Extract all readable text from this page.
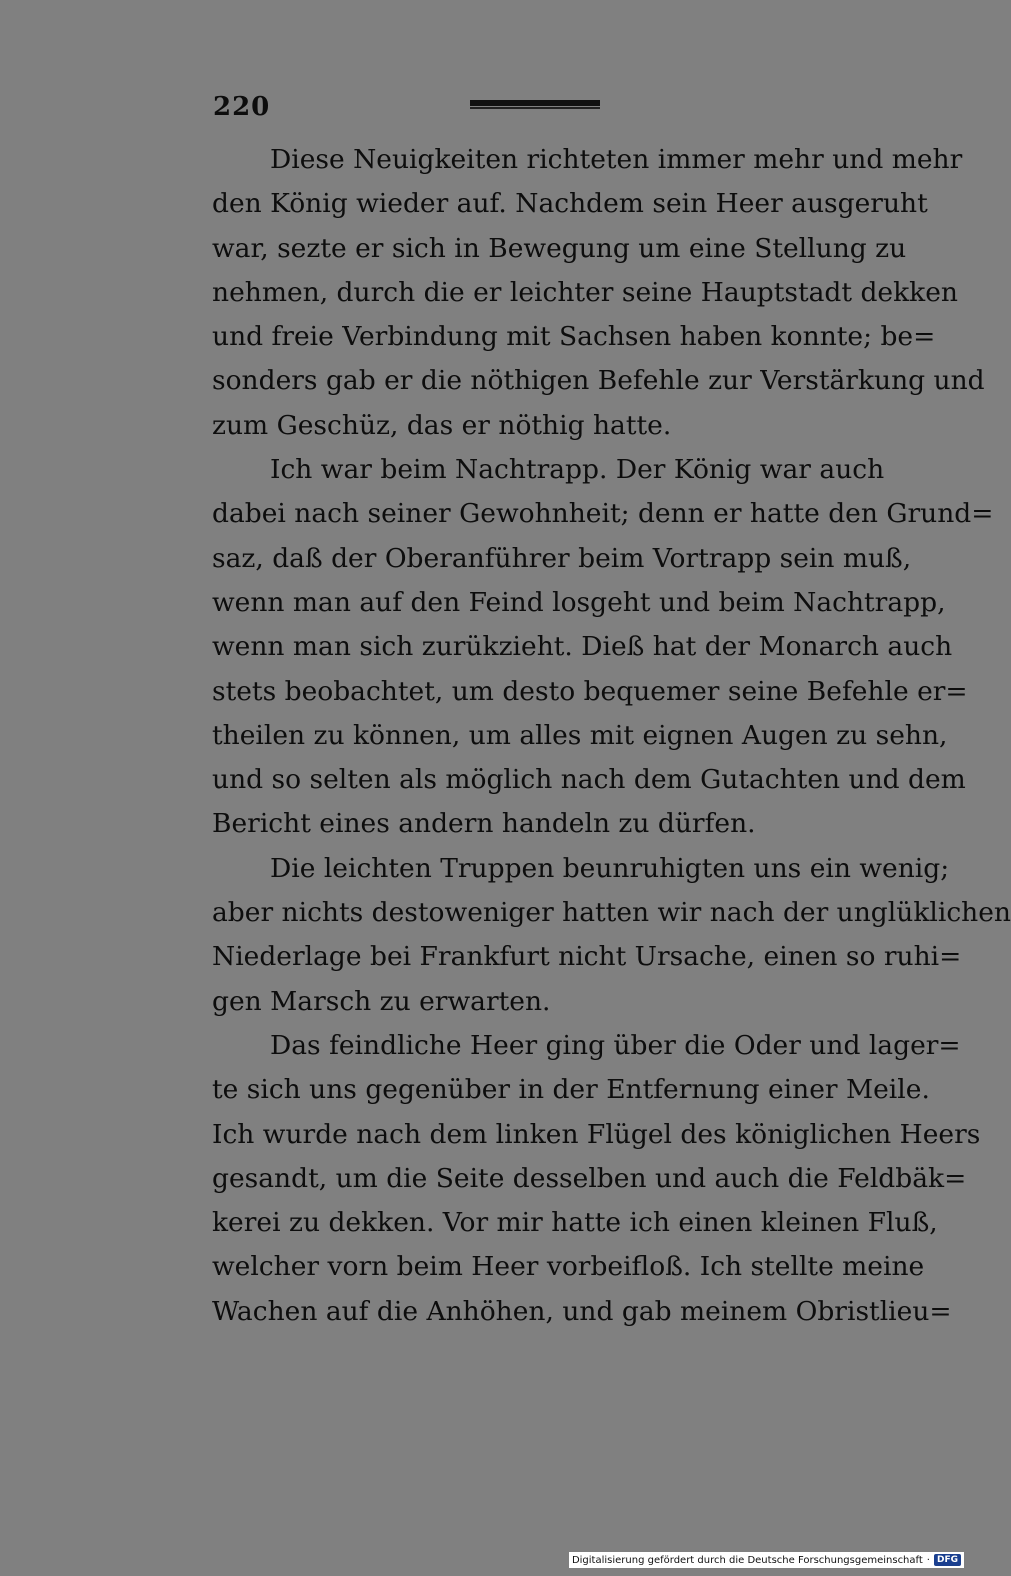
220

Diese Neuigkeiten richteten immer mehr und mehr
den König wieder auf. Nachdem sein Heer ausgeruht
war, sezte er sich in Bewegung um eine Stellung zu
nehmen, durch die er leichter seine Hauptstadt dekken
und freie Verbindung mit Sachsen haben konnte; be=
sonders gab er die nöthigen Befehle zur Verstärkung und
zum Geschüz, das er nöthig hatte.

Ich war beim Nachtrapp. Der König war auch
dabei nach seiner Gewohnheit; denn er hatte den Grund=
saz, daß der Oberanführer beim Vortrapp sein muß,
wenn man auf den Feind losgeht und beim Nachtrapp,
wenn man sich zurükzieht. Dieß hat der Monarch auch
stets beobachtet, um desto bequemer seine Befehle er=
theilen zu können, um alles mit eignen Augen zu sehn,
und so selten als möglich nach dem Gutachten und dem
Bericht eines andern handeln zu dürfen.

Die leichten Truppen beunruhigten uns ein wenig;
aber nichts destoweniger hatten wir nach der unglüklichen
Niederlage bei Frankfurt nicht Ursache, einen so ruhi=
gen Marsch zu erwarten.

Das feindliche Heer ging über die Oder und lager=
te sich uns gegenüber in der Entfernung einer Meile.
Ich wurde nach dem linken Flügel des königlichen Heers
gesandt, um die Seite desselben und auch die Feldbäk=
kerei zu dekken. Vor mir hatte ich einen kleinen Fluß,
welcher vorn beim Heer vorbeifloß. Ich stellte meine
Wachen auf die Anhöhen, und gab meinem Obristlieu=

Digitalisierung gefördert durch die Deutsche Forschungsgemeinschaft · DFG
